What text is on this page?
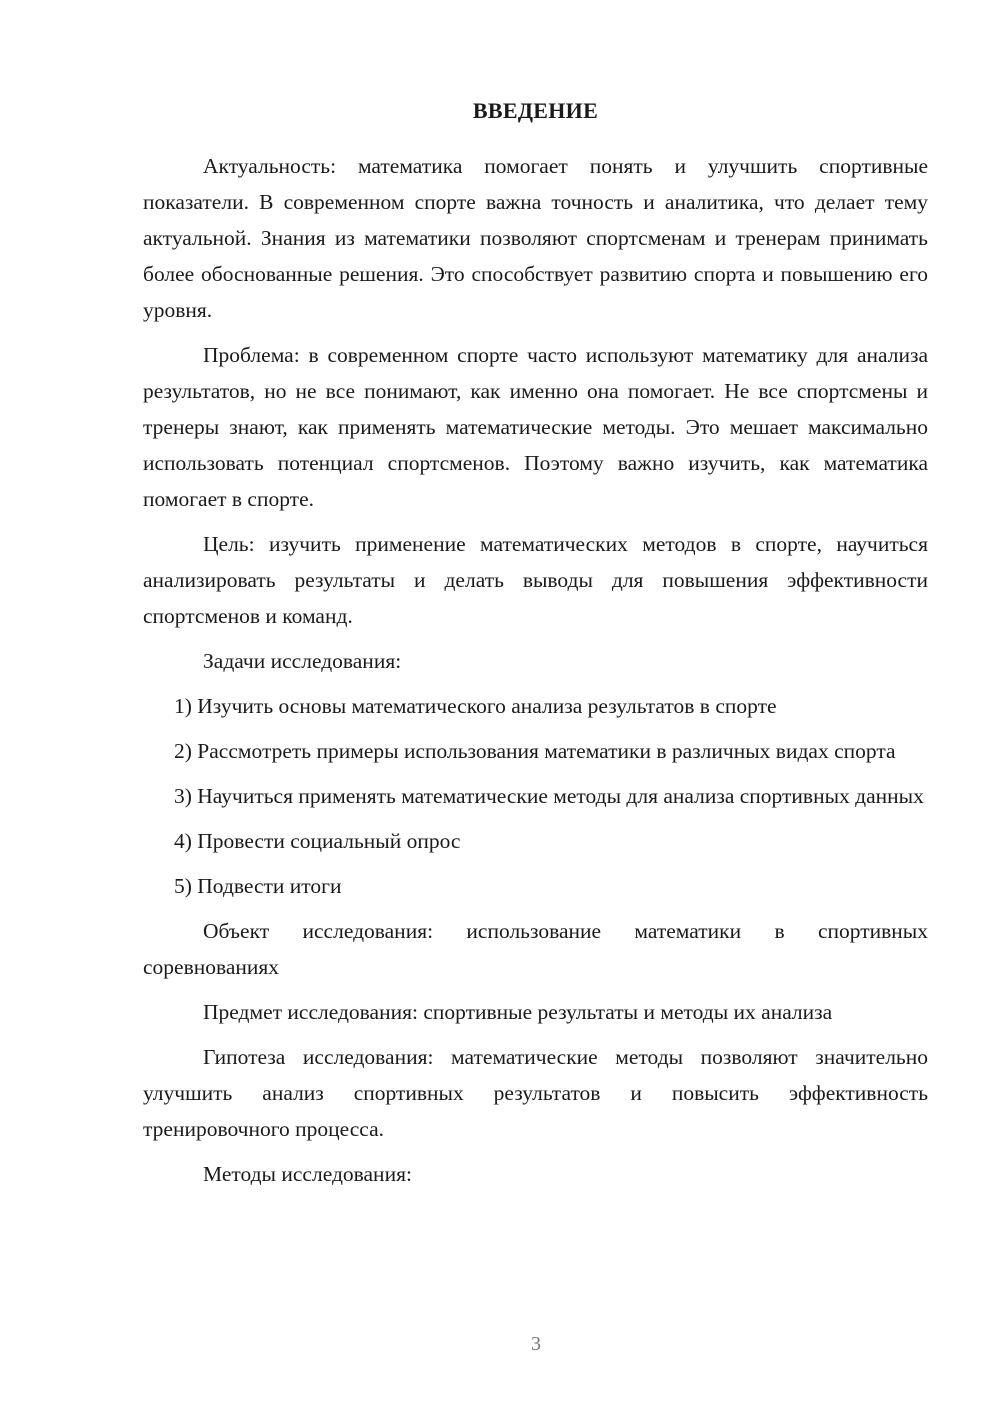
ВВЕДЕНИЕ

Актуальность: математика помогает понять и улучшить спортивные показатели. В современном спорте важна точность и аналитика, что делает тему актуальной. Знания из математики позволяют спортсменам и тренерам принимать более обоснованные решения. Это способствует развитию спорта и повышению его уровня.

Проблема: в современном спорте часто используют математику для анализа результатов, но не все понимают, как именно она помогает. Не все спортсмены и тренеры знают, как применять математические методы. Это мешает максимально использовать потенциал спортсменов. Поэтому важно изучить, как математика помогает в спорте.

Цель: изучить применение математических методов в спорте, научиться анализировать результаты и делать выводы для повышения эффективности спортсменов и команд.

Задачи исследования:

1) Изучить основы математического анализа результатов в спорте

2) Рассмотреть примеры использования математики в различных видах спорта

3) Научиться применять математические методы для анализа спортивных данных

4) Провести социальный опрос

5) Подвести итоги

Объект исследования: использование математики в спортивных соревнованиях

Предмет исследования: спортивные результаты и методы их анализа

Гипотеза исследования: математические методы позволяют значительно улучшить анализ спортивных результатов и повысить эффективность тренировочного процесса.

Методы исследования:

3
